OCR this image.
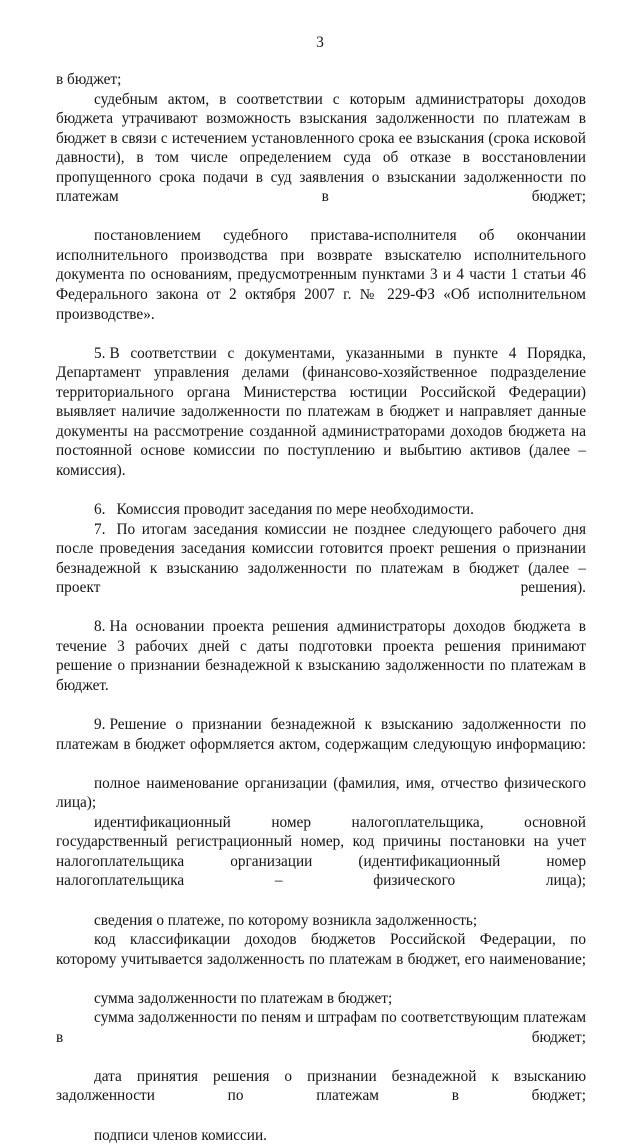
3

в бюджет;

судебным актом, в соответствии с которым администраторы доходов бюджета утрачивают возможность взыскания задолженности по платежам в бюджет в связи с истечением установленного срока ее взыскания (срока исковой давности), в том числе определением суда об отказе в восстановлении пропущенного срока подачи в суд заявления о взыскании задолженности по платежам в бюджет;

постановлением судебного пристава-исполнителя об окончании исполнительного производства при возврате взыскателю исполнительного документа по основаниям, предусмотренным пунктами 3 и 4 части 1 статьи 46 Федерального закона от 2 октября 2007 г. № 229-ФЗ «Об исполнительном производстве».

5. В соответствии с документами, указанными в пункте 4 Порядка, Департамент управления делами (финансово-хозяйственное подразделение территориального органа Министерства юстиции Российской Федерации) выявляет наличие задолженности по платежам в бюджет и направляет данные документы на рассмотрение созданной администраторами доходов бюджета на постоянной основе комиссии по поступлению и выбытию активов (далее – комиссия).

6. Комиссия проводит заседания по мере необходимости.

7. По итогам заседания комиссии не позднее следующего рабочего дня после проведения заседания комиссии готовится проект решения о признании безнадежной к взысканию задолженности по платежам в бюджет (далее – проект решения).

8. На основании проекта решения администраторы доходов бюджета в течение 3 рабочих дней с даты подготовки проекта решения принимают решение о признании безнадежной к взысканию задолженности по платежам в бюджет.

9. Решение о признании безнадежной к взысканию задолженности по платежам в бюджет оформляется актом, содержащим следующую информацию:

полное наименование организации (фамилия, имя, отчество физического лица);

идентификационный номер налогоплательщика, основной государственный регистрационный номер, код причины постановки на учет налогоплательщика организации (идентификационный номер налогоплательщика – физического лица);

сведения о платеже, по которому возникла задолженность;

код классификации доходов бюджетов Российской Федерации, по которому учитывается задолженность по платежам в бюджет, его наименование;

сумма задолженности по платежам в бюджет;

сумма задолженности по пеням и штрафам по соответствующим платежам в бюджет;

дата принятия решения о признании безнадежной к взысканию задолженности по платежам в бюджет;

подписи членов комиссии.
